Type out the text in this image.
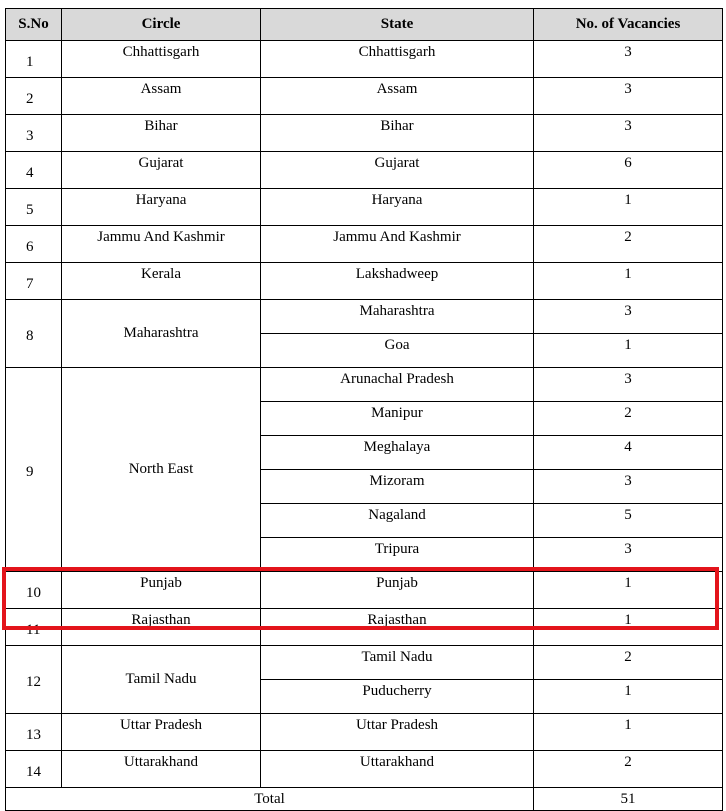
S.No	Circle	State	No. of Vacancies
1	Chhattisgarh	Chhattisgarh	3
2	Assam	Assam	3
3	Bihar	Bihar	3
4	Gujarat	Gujarat	6
5	Haryana	Haryana	1
6	Jammu And Kashmir	Jammu And Kashmir	2
7	Kerala	Lakshadweep	1
8	Maharashtra	Maharashtra	3
		Goa	1
9	North East	Arunachal Pradesh	3
		Manipur	2
		Meghalaya	4
		Mizoram	3
		Nagaland	5
		Tripura	3
10	Punjab	Punjab	1
11	Rajasthan	Rajasthan	1
12	Tamil Nadu	Tamil Nadu	2
		Puducherry	1
13	Uttar Pradesh	Uttar Pradesh	1
14	Uttarakhand	Uttarakhand	2
Total			51
